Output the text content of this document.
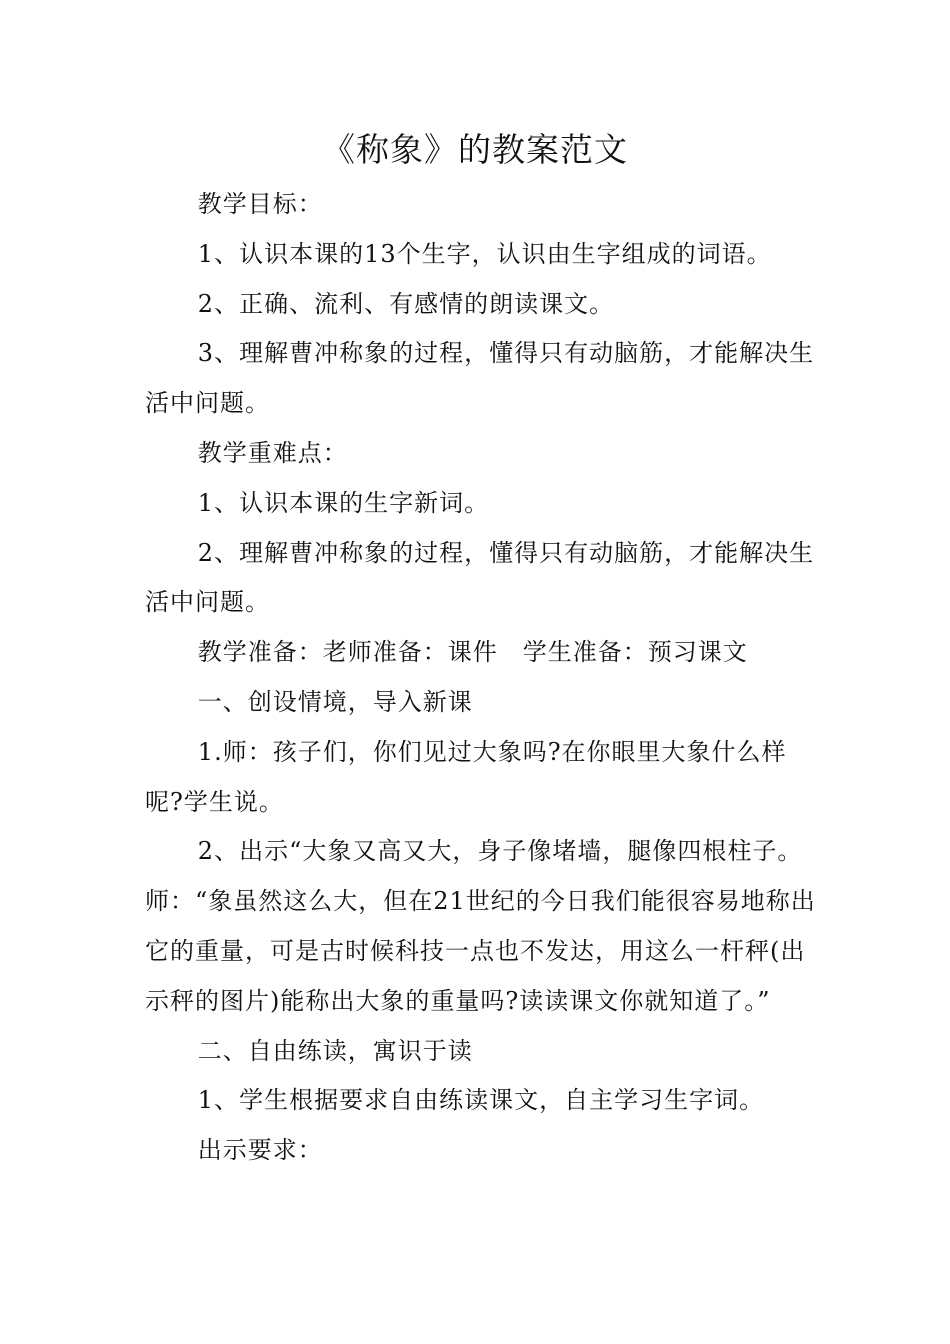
《称象》的教案范文

教学目标：

1、认识本课的13个生字，认识由生字组成的词语。

2、正确、流利、有感情的朗读课文。

3、理解曹冲称象的过程，懂得只有动脑筋，才能解决生活中问题。

教学重难点：

1、认识本课的生字新词。

2、理解曹冲称象的过程，懂得只有动脑筋，才能解决生活中问题。

教学准备：老师准备：课件　学生准备：预习课文

一、创设情境，导入新课

1.师：孩子们，你们见过大象吗?在你眼里大象什么样呢?学生说。

2、出示“大象又高又大，身子像堵墙，腿像四根柱子。师：“象虽然这么大，但在21世纪的今日我们能很容易地称出它的重量，可是古时候科技一点也不发达，用这么一杆秤(出示秤的图片)能称出大象的重量吗?读读课文你就知道了。”

二、自由练读，寓识于读

1、学生根据要求自由练读课文，自主学习生字词。

出示要求：
